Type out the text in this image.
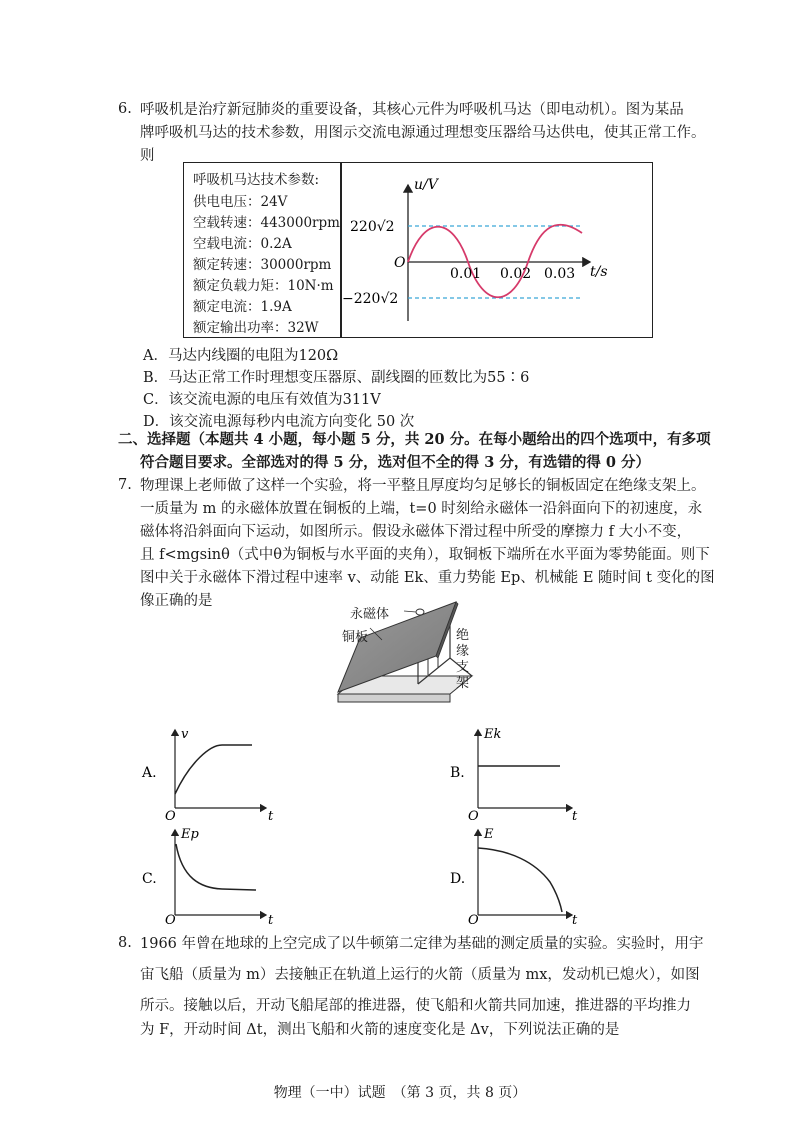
6. 呼吸机是治疗新冠肺炎的重要设备，其核心元件为呼吸机马达（即电动机）。图为某品
牌呼吸机马达的技术参数，用图示交流电源通过理想变压器给马达供电，使其正常工作。
则
呼吸机马达技术参数:
供电电压：24V
空载转速：443000rpm
空载电流：0.2A
额定转速：30000rpm
额定负载力矩：10N·m
额定电流：1.9A
额定输出功率：32W
u/V
t/s
O
220√2
−220√2
0.01 0.02 0.03
A．马达内线圈的电阻为120Ω
B．马达正常工作时理想变压器原、副线圈的匝数比为55∶6
C．该交流电源的电压有效值为311V
D．该交流电源每秒内电流方向变化 50 次
二、选择题（本题共 4 小题，每小题 5 分，共 20 分。在每小题给出的四个选项中，有多项
符合题目要求。全部选对的得 5 分，选对但不全的得 3 分，有选错的得 0 分）
7. 物理课上老师做了这样一个实验，将一平整且厚度均匀足够长的铜板固定在绝缘支架上。
一质量为 m 的永磁体放置在铜板的上端，t=0 时刻给永磁体一沿斜面向下的初速度，永
磁体将沿斜面向下运动，如图所示。假设永磁体下滑过程中所受的摩擦力 f 大小不变，
且 f<mgsinθ（式中θ为铜板与水平面的夹角），取铜板下端所在水平面为零势能面。则下
图中关于永磁体下滑过程中速率 v、动能 Ek、重力势能 Ep、机械能 E 随时间 t 变化的图
像正确的是
永磁体
铜板	绝
缘
支
架
A.
v
t
O
B.
Ek
t
O
C.
Ep
t
O
D.
E
t
O
8. 1966 年曾在地球的上空完成了以牛顿第二定律为基础的测定质量的实验。实验时，用宇
宙飞船（质量为 m）去接触正在轨道上运行的火箭（质量为 mx，发动机已熄火），如图
所示。接触以后，开动飞船尾部的推进器，使飞船和火箭共同加速，推进器的平均推力
为 F，开动时间 Δt，测出飞船和火箭的速度变化是 Δv，下列说法正确的是
物理（一中）试题　（第 3 页，共 8 页）
